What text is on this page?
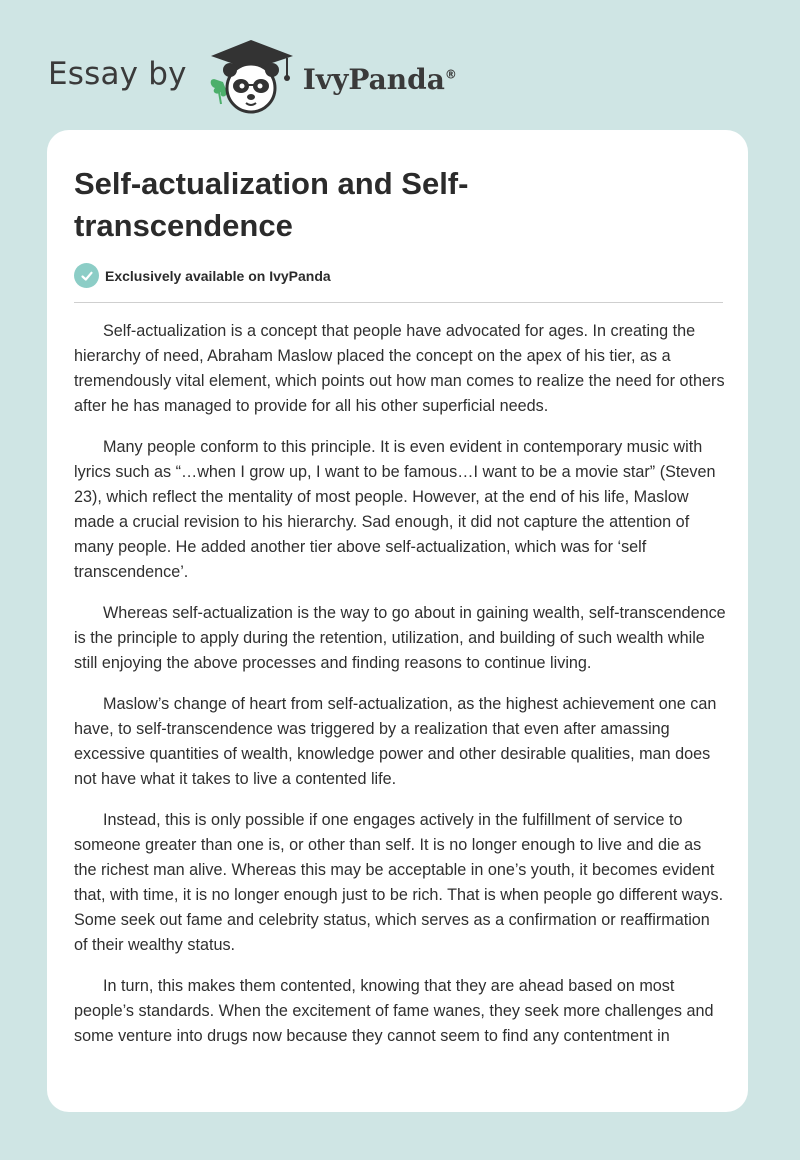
Essay by	IvyPanda®
Self-actualization and Self-transcendence
Exclusively available on IvyPanda

Self-actualization is a concept that people have advocated for ages. In creating the hierarchy of need, Abraham Maslow placed the concept on the apex of his tier, as a tremendously vital element, which points out how man comes to realize the need for others after he has managed to provide for all his other superficial needs.

Many people conform to this principle. It is even evident in contemporary music with lyrics such as “…when I grow up, I want to be famous…I want to be a movie star” (Steven 23), which reflect the mentality of most people. However, at the end of his life, Maslow made a crucial revision to his hierarchy. Sad enough, it did not capture the attention of many people. He added another tier above self-actualization, which was for ‘self transcendence’.

Whereas self-actualization is the way to go about in gaining wealth, self-transcendence is the principle to apply during the retention, utilization, and building of such wealth while still enjoying the above processes and finding reasons to continue living.

Maslow’s change of heart from self-actualization, as the highest achievement one can have, to self-transcendence was triggered by a realization that even after amassing excessive quantities of wealth, knowledge power and other desirable qualities, man does not have what it takes to live a contented life.

Instead, this is only possible if one engages actively in the fulfillment of service to someone greater than one is, or other than self. It is no longer enough to live and die as the richest man alive. Whereas this may be acceptable in one’s youth, it becomes evident that, with time, it is no longer enough just to be rich. That is when people go different ways. Some seek out fame and celebrity status, which serves as a confirmation or reaffirmation of their wealthy status.

In turn, this makes them contented, knowing that they are ahead based on most people’s standards. When the excitement of fame wanes, they seek more challenges and some venture into drugs now because they cannot seem to find any contentment in
